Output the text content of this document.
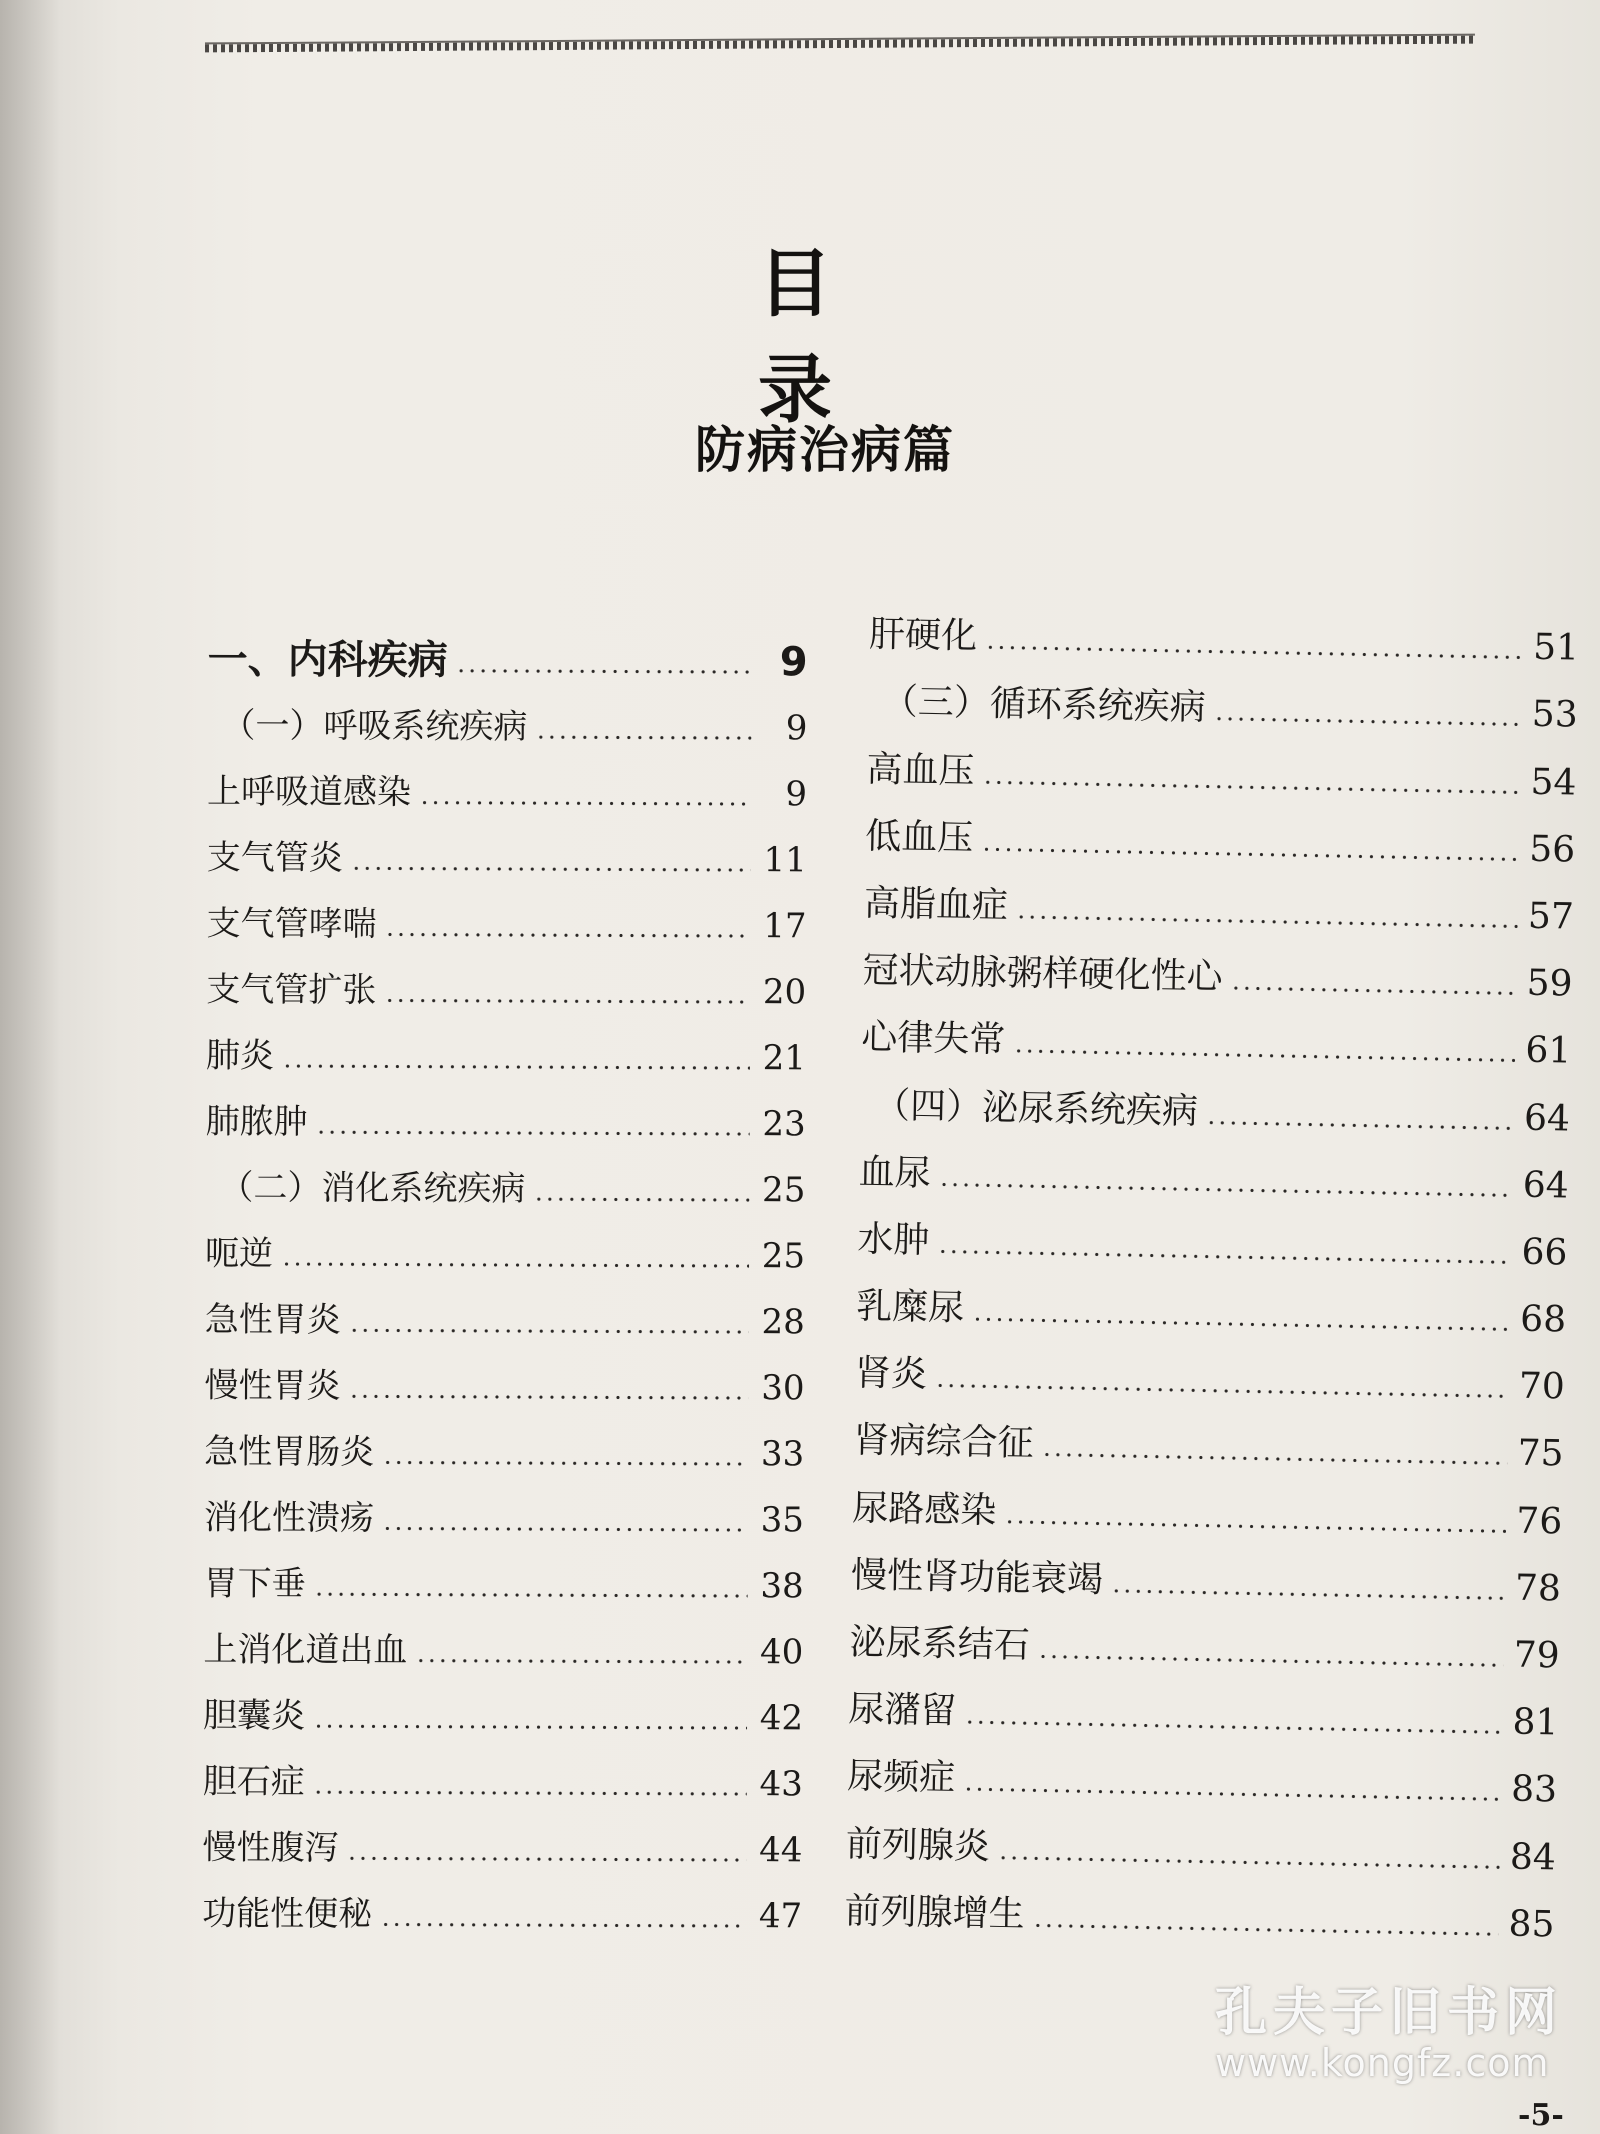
目 录
防病治病篇
一、内科疾病	9
（一）呼吸系统疾病	9
上呼吸道感染	9
支气管炎	11
支气管哮喘	17
支气管扩张	20
肺炎	21
肺脓肿	23
（二）消化系统疾病	25
呃逆	25
急性胃炎	28
慢性胃炎	30
急性胃肠炎	33
消化性溃疡	35
胃下垂	38
上消化道出血	40
胆囊炎	42
胆石症	43
慢性腹泻	44
功能性便秘	47
肝硬化	51
（三）循环系统疾病	53
高血压	54
低血压	56
高脂血症	57
冠状动脉粥样硬化性心	59
心律失常	61
（四）泌尿系统疾病	64
血尿	64
水肿	66
乳糜尿	68
肾炎	70
肾病综合征	75
尿路感染	76
慢性肾功能衰竭	78
泌尿系结石	79
尿潴留	81
尿频症	83
前列腺炎	84
前列腺增生	85
孔夫子旧书网
www.kongfz.com
-5-
